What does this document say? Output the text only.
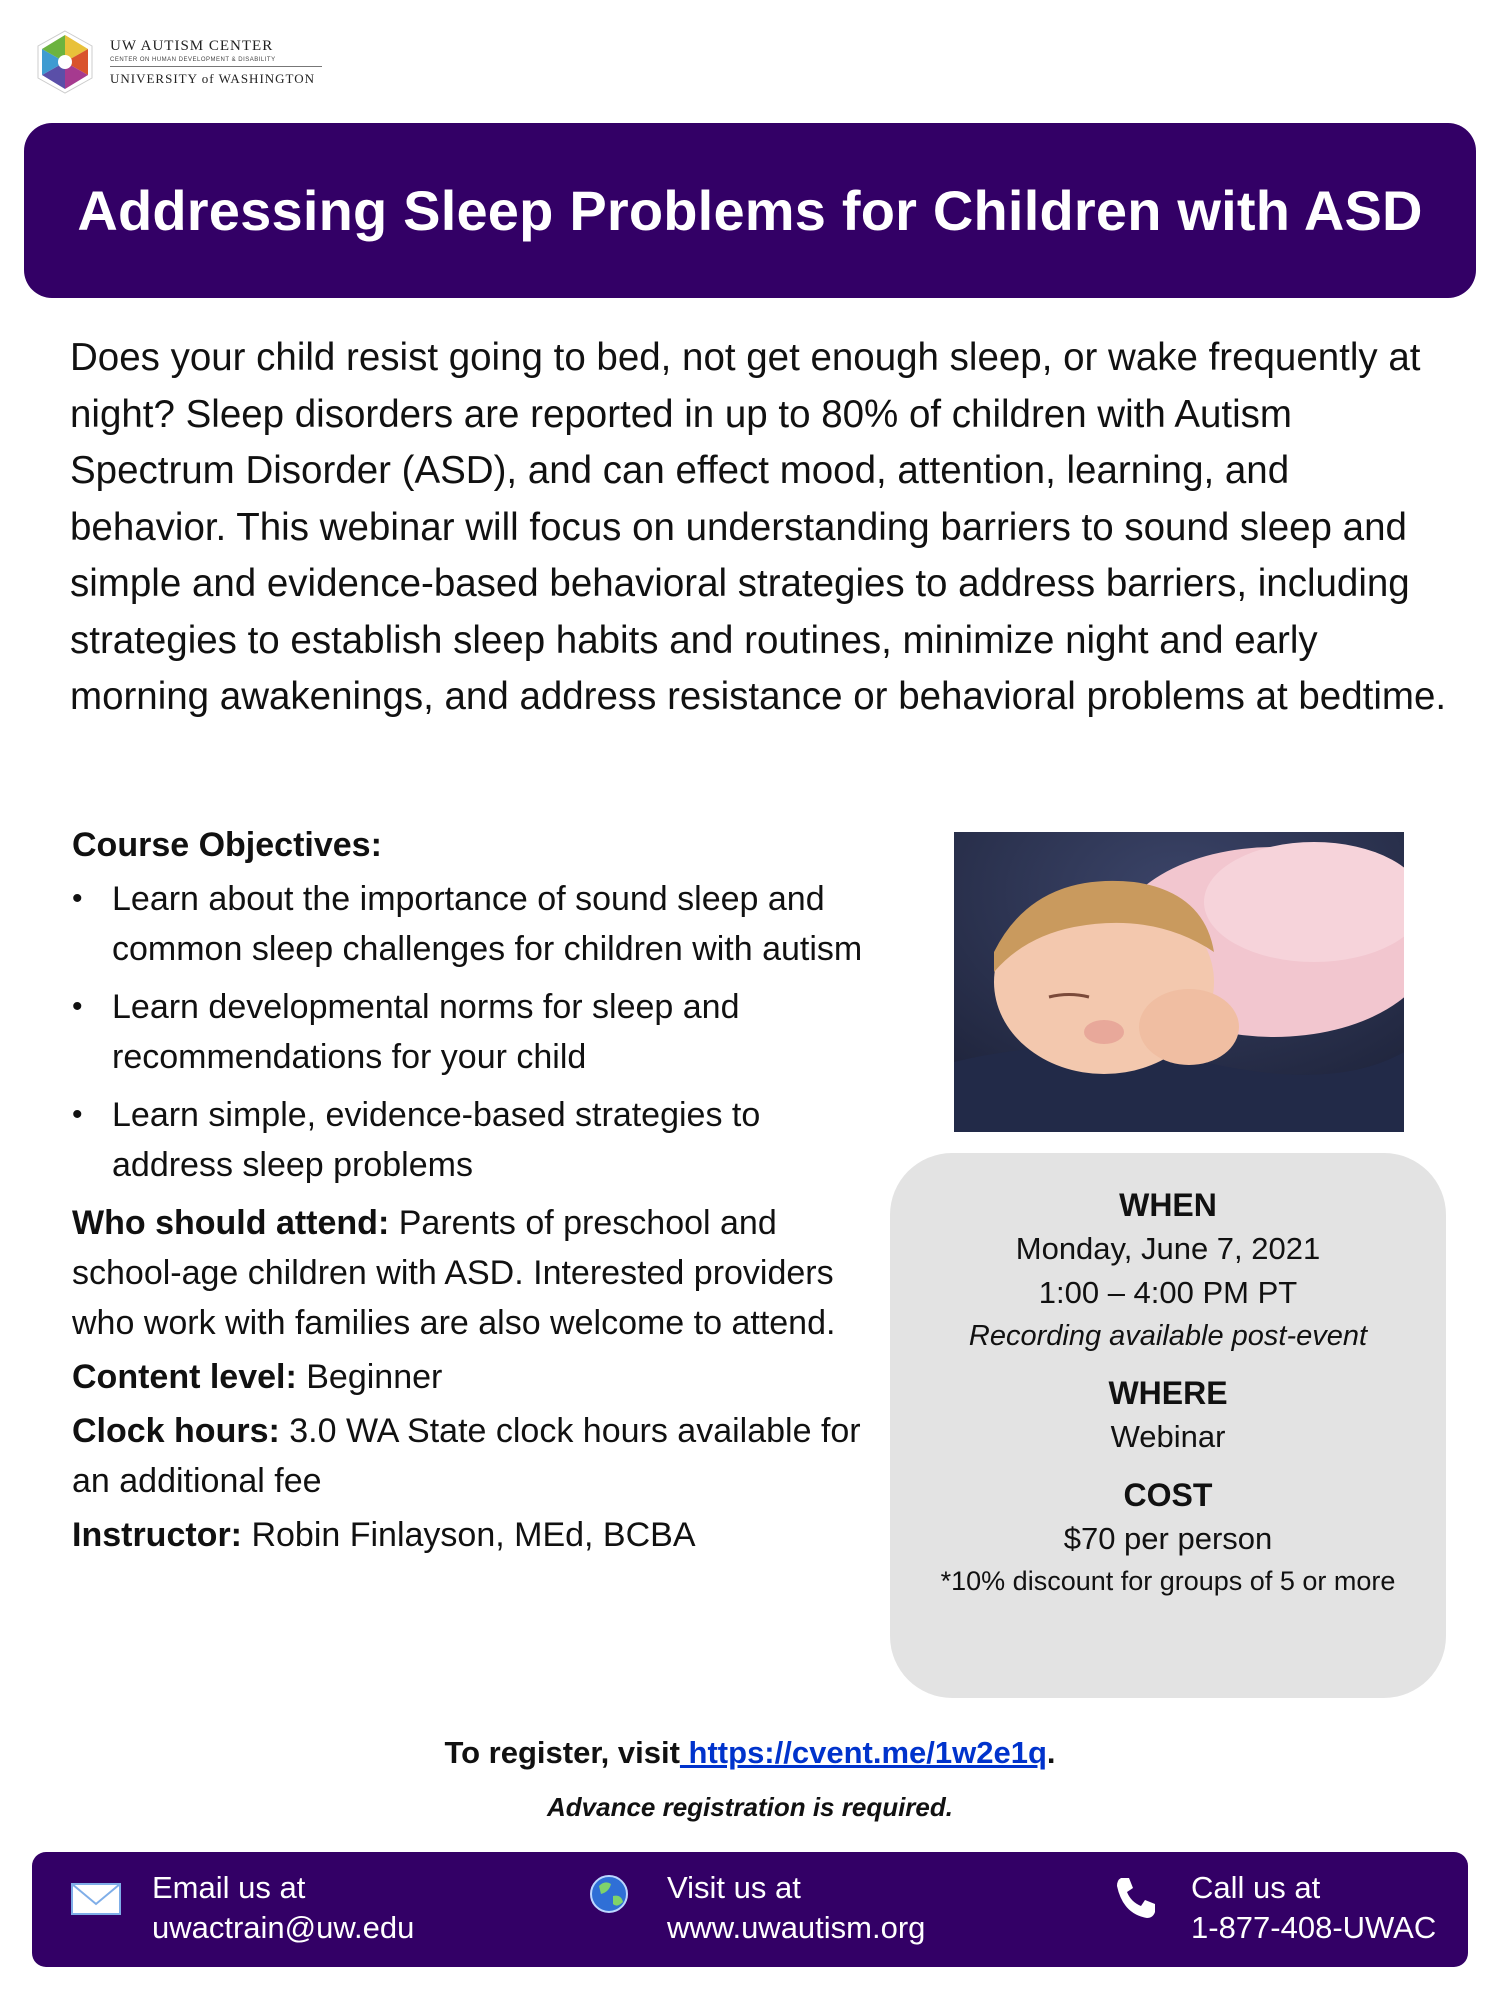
UW AUTISM CENTER
CENTER ON HUMAN DEVELOPMENT & DISABILITY
UNIVERSITY of WASHINGTON
Addressing Sleep Problems for Children with ASD

Does your child resist going to bed, not get enough sleep, or wake frequently at night? Sleep disorders are reported in up to 80% of children with Autism Spectrum Disorder (ASD), and can effect mood, attention, learning, and behavior. This webinar will focus on understanding barriers to sound sleep and simple and evidence-based behavioral strategies to address barriers, including strategies to establish sleep habits and routines, minimize night and early morning awakenings, and address resistance or behavioral problems at bedtime.

Course Objectives:
• Learn about the importance of sound sleep and common sleep challenges for children with autism
• Learn developmental norms for sleep and recommendations for your child
• Learn simple, evidence-based strategies to address sleep problems
Who should attend: Parents of preschool and school-age children with ASD. Interested providers who work with families are also welcome to attend.
Content level: Beginner
Clock hours: 3.0 WA State clock hours available for an additional fee
Instructor: Robin Finlayson, MEd, BCBA
WHEN
Monday, June 7, 2021
1:00 – 4:00 PM PT
Recording available post-event
WHERE
Webinar
COST
$70 per person
*10% discount for groups of 5 or more
To register, visit https://cvent.me/1w2e1q.
Advance registration is required.
Email us at
uwactrain@uw.edu
Visit us at
www.uwautism.org
Call us at
1-877-408-UWAC
